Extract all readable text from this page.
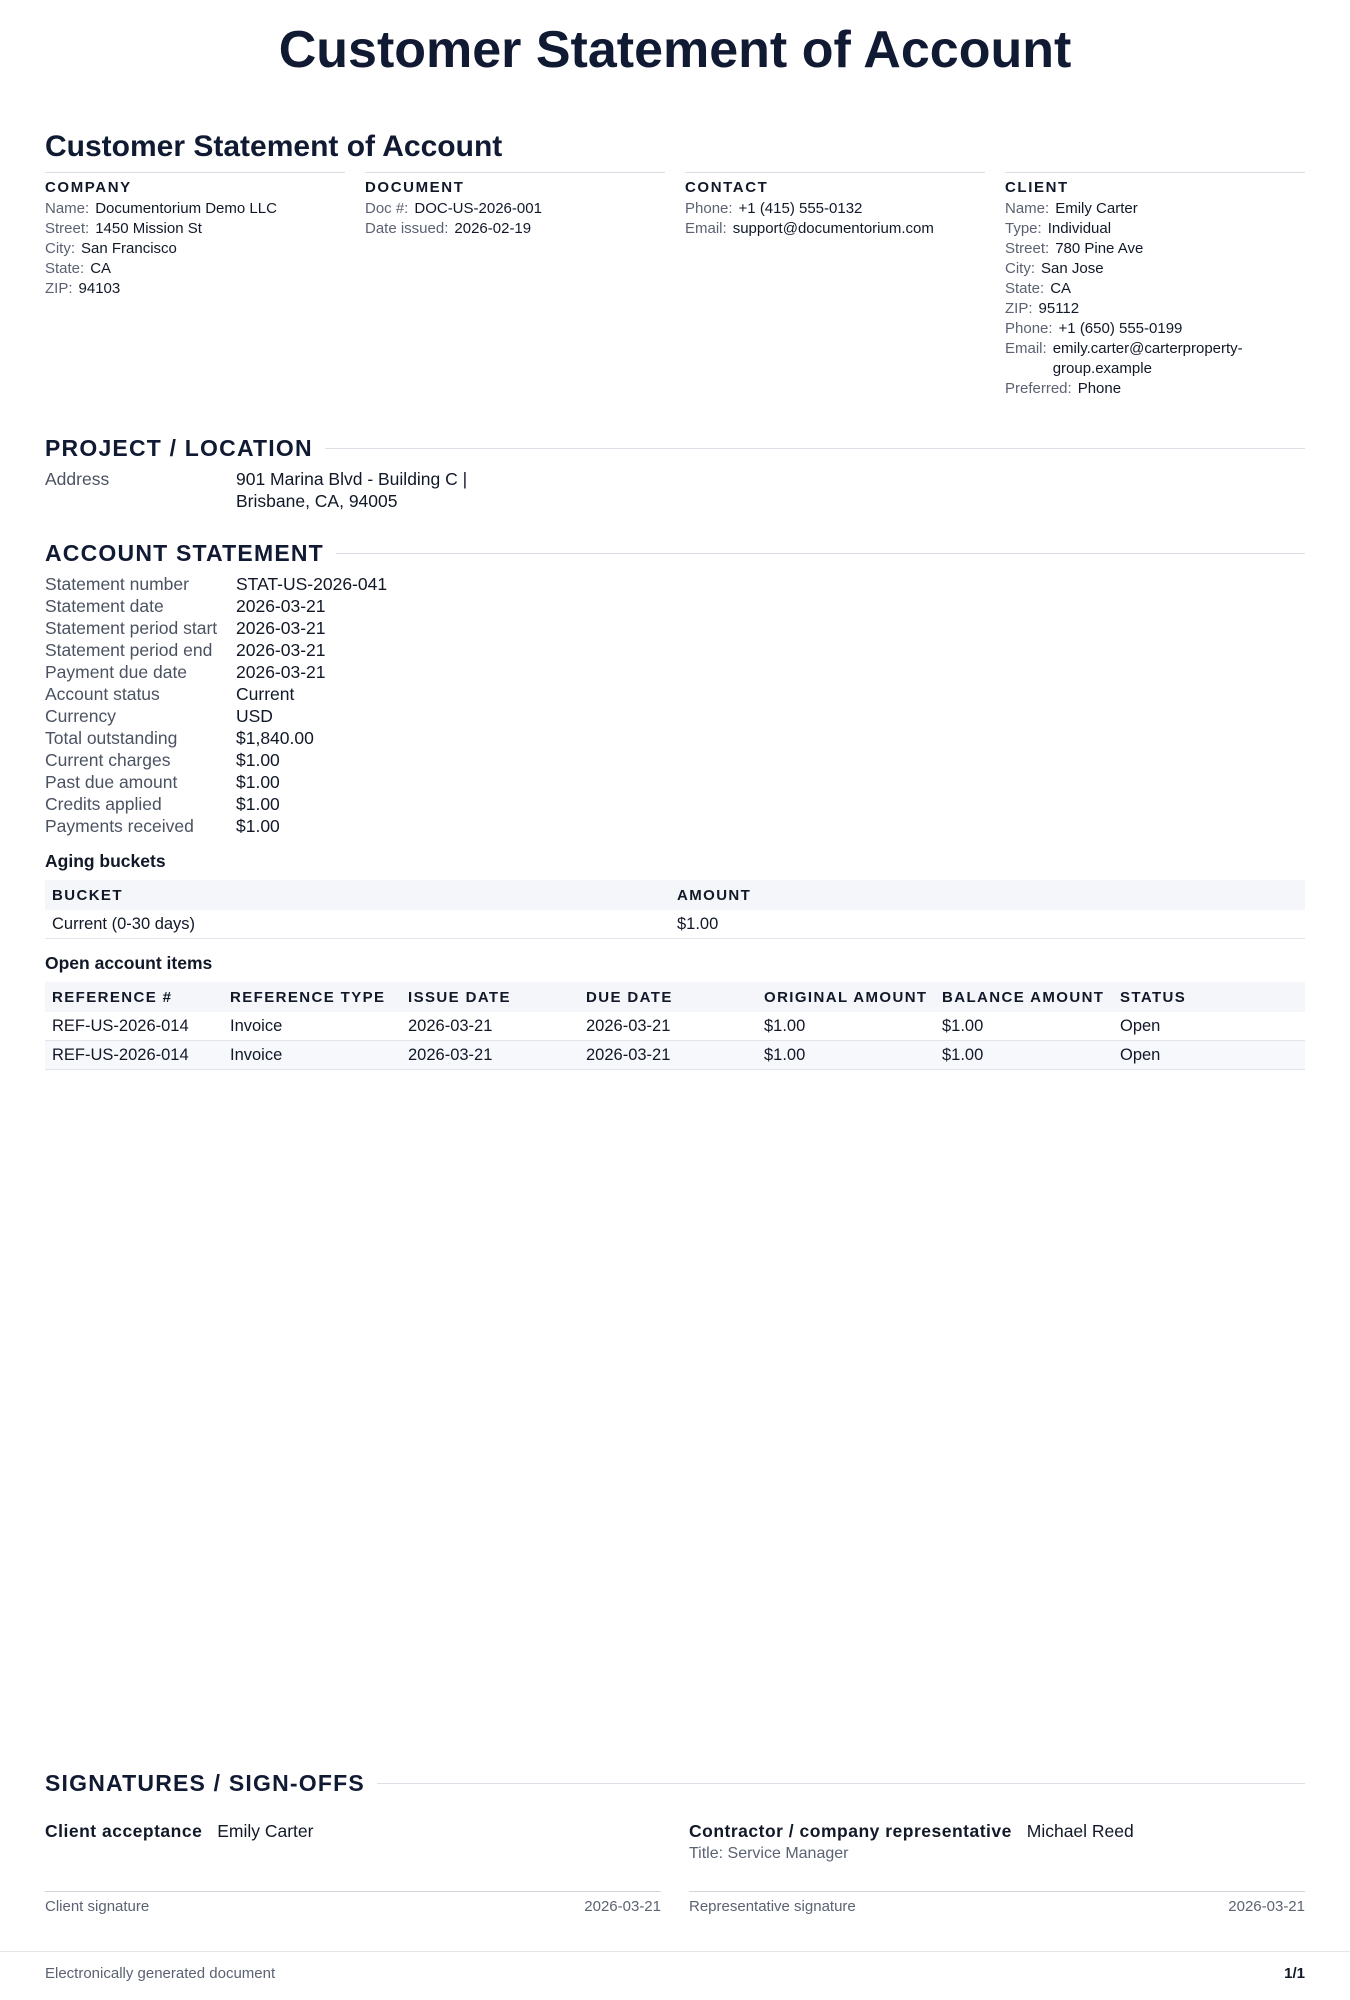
Customer Statement of Account
Customer Statement of Account
COMPANY
Name: Documentorium Demo LLC
Street: 1450 Mission St
City: San Francisco
State: CA
ZIP: 94103
DOCUMENT
Doc #: DOC-US-2026-001
Date issued: 2026-02-19
CONTACT
Phone: +1 (415) 555-0132
Email: support@documentorium.com
CLIENT
Name: Emily Carter
Type: Individual
Street: 780 Pine Ave
City: San Jose
State: CA
ZIP: 95112
Phone: +1 (650) 555-0199
Email: emily.carter@carterproperty-group.example
Preferred: Phone
PROJECT / LOCATION
Address	901 Marina Blvd - Building C |
Brisbane, CA, 94005
ACCOUNT STATEMENT
Statement number	STAT-US-2026-041
Statement date	2026-03-21
Statement period start	2026-03-21
Statement period end	2026-03-21
Payment due date	2026-03-21
Account status	Current
Currency	USD
Total outstanding	$1,840.00
Current charges	$1.00
Past due amount	$1.00
Credits applied	$1.00
Payments received	$1.00
Aging buckets
BUCKET	AMOUNT
Current (0-30 days)	$1.00
Open account items
REFERENCE #	REFERENCE TYPE	ISSUE DATE	DUE DATE	ORIGINAL AMOUNT	BALANCE AMOUNT	STATUS
REF-US-2026-014	Invoice	2026-03-21	2026-03-21	$1.00	$1.00	Open
REF-US-2026-014	Invoice	2026-03-21	2026-03-21	$1.00	$1.00	Open
SIGNATURES / SIGN-OFFS
Client acceptance Emily Carter
Client signature	2026-03-21
Contractor / company representative Michael Reed
Title: Service Manager
Representative signature	2026-03-21
Electronically generated document	1/1
